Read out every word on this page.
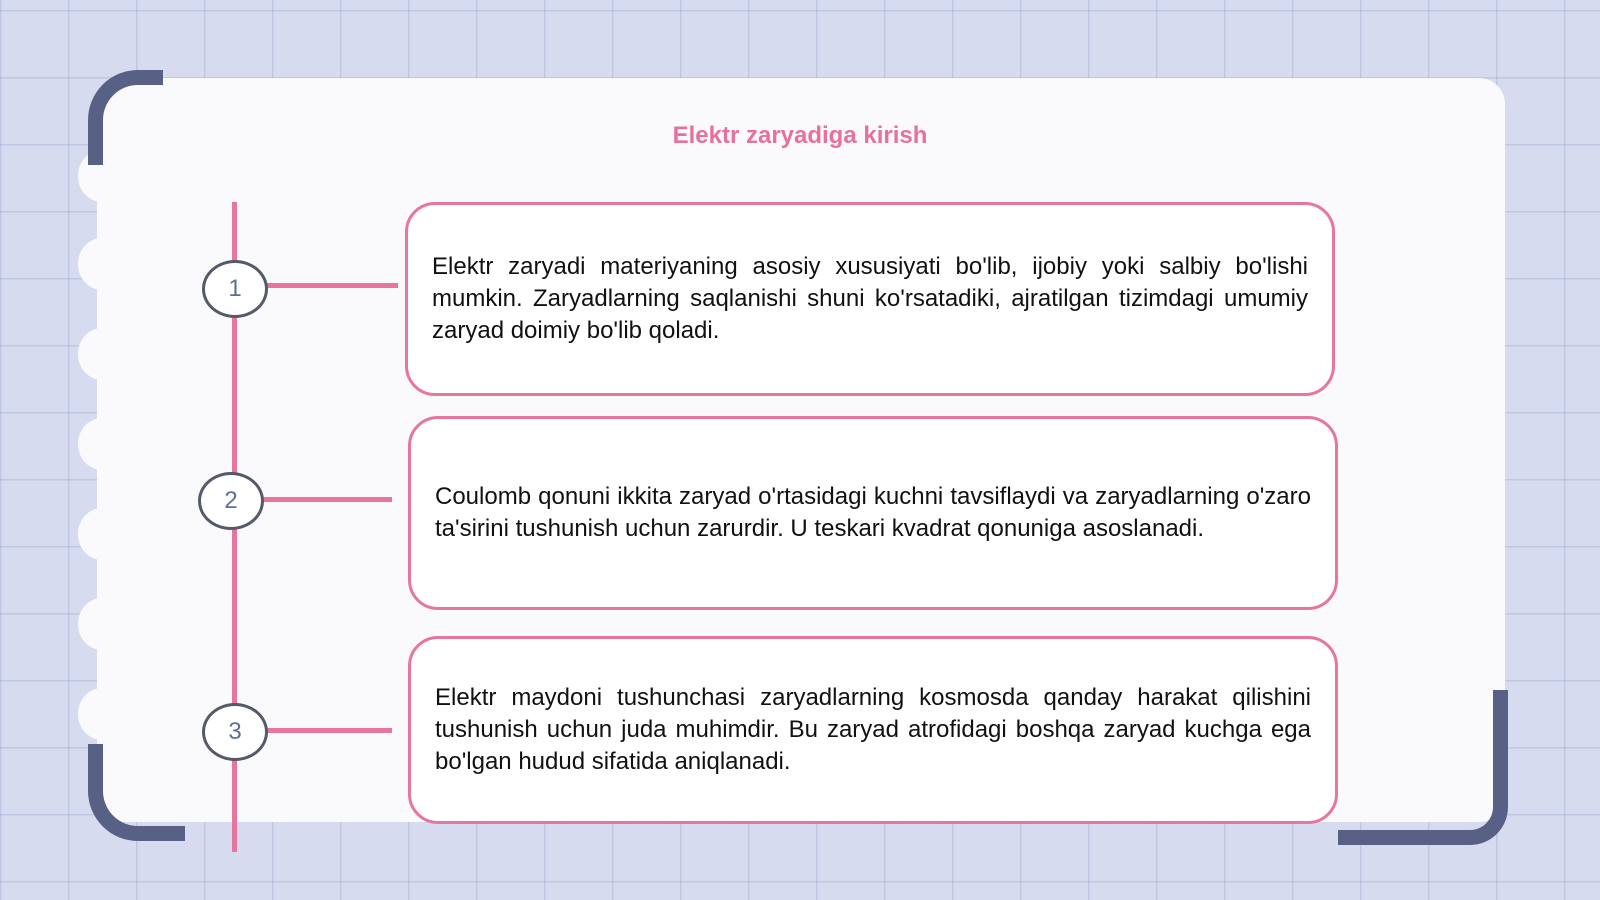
Elektr zaryadiga kirish
1
2
3

Elektr zaryadi materiyaning asosiy xususiyati bo'lib, ijobiy yoki salbiy bo'lishi mumkin. Zaryadlarning saqlanishi shuni ko'rsatadiki, ajratilgan tizimdagi umumiy zaryad doimiy bo'lib qoladi.

Coulomb qonuni ikkita zaryad o'rtasidagi kuchni tavsiflaydi va zaryadlarning o'zaro ta'sirini tushunish uchun zarurdir. U teskari kvadrat qonuniga asoslanadi.

Elektr maydoni tushunchasi zaryadlarning kosmosda qanday harakat qilishini tushunish uchun juda muhimdir. Bu zaryad atrofidagi boshqa zaryad kuchga ega bo'lgan hudud sifatida aniqlanadi.
